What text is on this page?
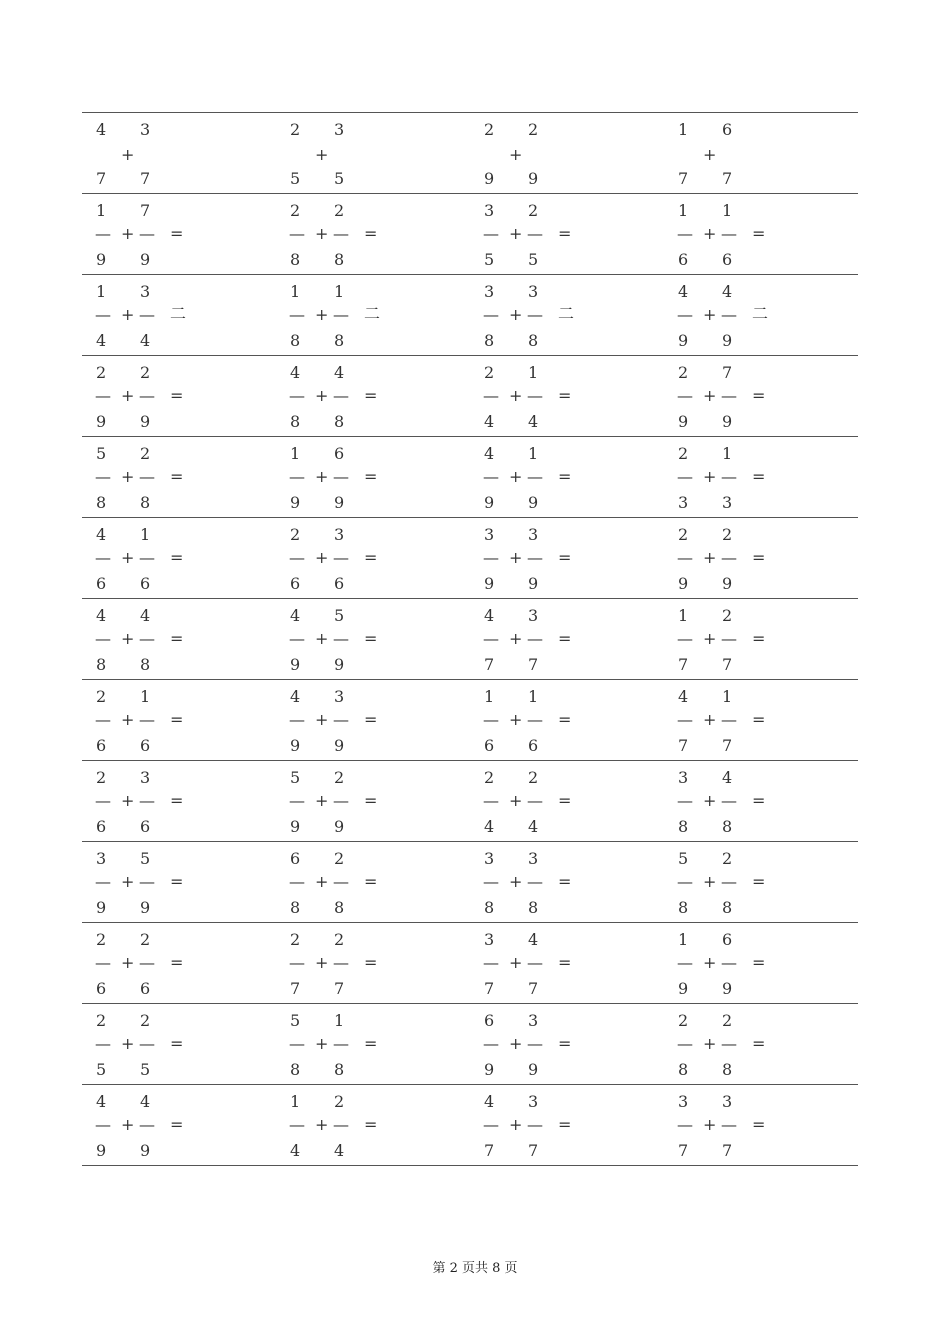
4 3
+
7 7
2 3
+
5 5
2 2
+
9 9
1 6
+
7 7
1 7
— + — =
9 9
2 2
— + — =
8 8
3 2
— + — =
5 5
1 1
— + — =
6 6
1 3
— + — 二
4 4
1 1
— + — 二
8 8
3 3
— + — 二
8 8
4 4
— + — 二
9 9
2 2
— + — =
9 9
4 4
— + — =
8 8
2 1
— + — =
4 4
2 7
— + — =
9 9
5 2
— + — =
8 8
1 6
— + — =
9 9
4 1
— + — =
9 9
2 1
— + — =
3 3
4 1
— + — =
6 6
2 3
— + — =
6 6
3 3
— + — =
9 9
2 2
— + — =
9 9
4 4
— + — =
8 8
4 5
— + — =
9 9
4 3
— + — =
7 7
1 2
— + — =
7 7
2 1
— + — =
6 6
4 3
— + — =
9 9
1 1
— + — =
6 6
4 1
— + — =
7 7
2 3
— + — =
6 6
5 2
— + — =
9 9
2 2
— + — =
4 4
3 4
— + — =
8 8
3 5
— + — =
9 9
6 2
— + — =
8 8
3 3
— + — =
8 8
5 2
— + — =
8 8
2 2
— + — =
6 6
2 2
— + — =
7 7
3 4
— + — =
7 7
1 6
— + — =
9 9
2 2
— + — =
5 5
5 1
— + — =
8 8
6 3
— + — =
9 9
2 2
— + — =
8 8
4 4
— + — =
9 9
1 2
— + — =
4 4
4 3
— + — =
7 7
3 3
— + — =
7 7
第 2 页共 8 页
